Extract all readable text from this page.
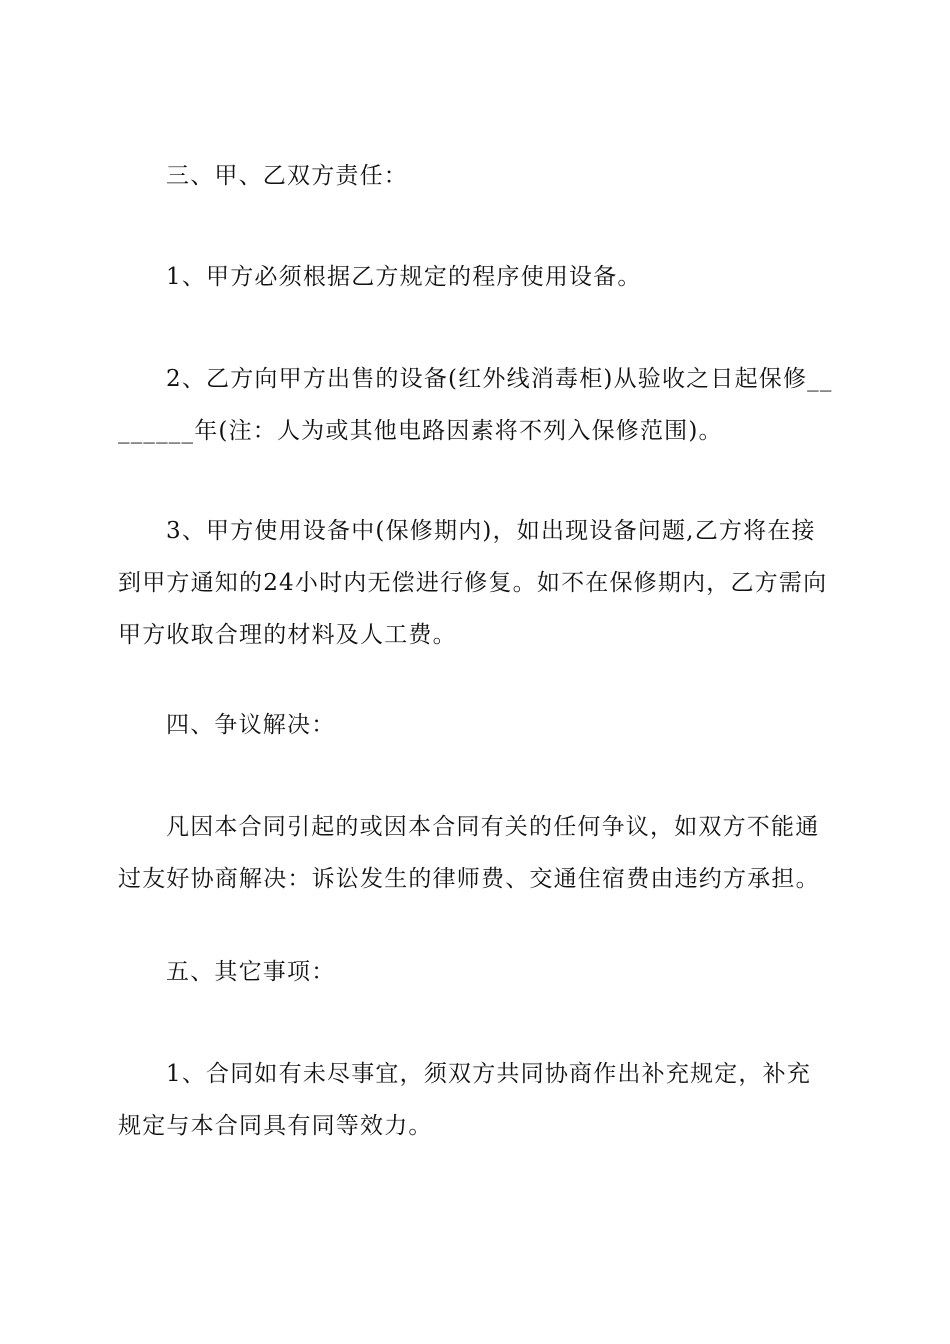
三、甲、乙双方责任：

1、甲方必须根据乙方规定的程序使用设备。

2、乙方向甲方出售的设备(红外线消毒柜)从验收之日起保修________年(注：人为或其他电路因素将不列入保修范围)。

3、甲方使用设备中(保修期内)，如出现设备问题,乙方将在接到甲方通知的24小时内无偿进行修复。如不在保修期内，乙方需向甲方收取合理的材料及人工费。

四、争议解决：

凡因本合同引起的或因本合同有关的任何争议，如双方不能通过友好协商解决：诉讼发生的律师费、交通住宿费由违约方承担。

五、其它事项：

1、合同如有未尽事宜，须双方共同协商作出补充规定，补充规定与本合同具有同等效力。
